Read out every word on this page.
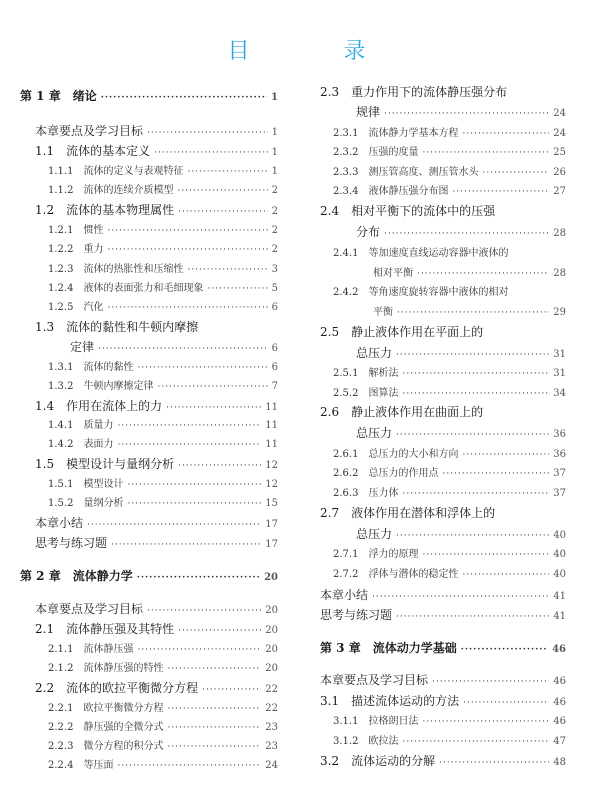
目　录
第 1 章　绪论 ·····	1
本章要点及学习目标 ·····	1
1.1　流体的基本定义 ·····	1
1.1.1　流体的定义与表观特征 ·····	1
1.1.2　流体的连续介质模型 ·····	2
1.2　流体的基本物理属性 ·····	2
1.2.1　惯性 ·····	2
1.2.2　重力 ·····	2
1.2.3　流体的热胀性和压缩性 ·····	3
1.2.4　液体的表面张力和毛细现象 ·····	5
1.2.5　汽化 ·····	6
1.3　流体的黏性和牛顿内摩擦
定律 ·····	6
1.3.1　流体的黏性 ·····	6
1.3.2　牛顿内摩擦定律 ·····	7
1.4　作用在流体上的力 ·····	11
1.4.1　质量力 ·····	11
1.4.2　表面力 ·····	11
1.5　模型设计与量纲分析 ·····	12
1.5.1　模型设计 ·····	12
1.5.2　量纲分析 ·····	15
本章小结 ·····	17
思考与练习题 ·····	17
第 2 章　流体静力学 ·····	20
本章要点及学习目标 ·····	20
2.1　流体静压强及其特性 ·····	20
2.1.1　流体静压强 ·····	20
2.1.2　流体静压强的特性 ·····	20
2.2　流体的欧拉平衡微分方程 ·····	22
2.2.1　欧拉平衡微分方程 ·····	22
2.2.2　静压强的全微分式 ·····	23
2.2.3　微分方程的积分式 ·····	23
2.2.4　等压面 ·····	24
2.3　重力作用下的流体静压强分布
规律 ·····	24
2.3.1　流体静力学基本方程 ·····	24
2.3.2　压强的度量 ·····	25
2.3.3　测压管高度、测压管水头 ·····	26
2.3.4　液体静压强分布图 ·····	27
2.4　相对平衡下的流体中的压强
分布 ·····	28
2.4.1　等加速度直线运动容器中液体的
相对平衡 ·····	28
2.4.2　等角速度旋转容器中液体的相对
平衡 ·····	29
2.5　静止液体作用在平面上的
总压力 ·····	31
2.5.1　解析法 ·····	31
2.5.2　图算法 ·····	34
2.6　静止液体作用在曲面上的
总压力 ·····	36
2.6.1　总压力的大小和方向 ·····	36
2.6.2　总压力的作用点 ·····	37
2.6.3　压力体 ·····	37
2.7　液体作用在潜体和浮体上的
总压力 ·····	40
2.7.1　浮力的原理 ·····	40
2.7.2　浮体与潜体的稳定性 ·····	40
本章小结 ·····	41
思考与练习题 ·····	41
第 3 章　流体动力学基础 ·····	46
本章要点及学习目标 ·····	46
3.1　描述流体运动的方法 ·····	46
3.1.1　拉格朗日法 ·····	46
3.1.2　欧拉法 ·····	47
3.2　流体运动的分解 ·····	48
